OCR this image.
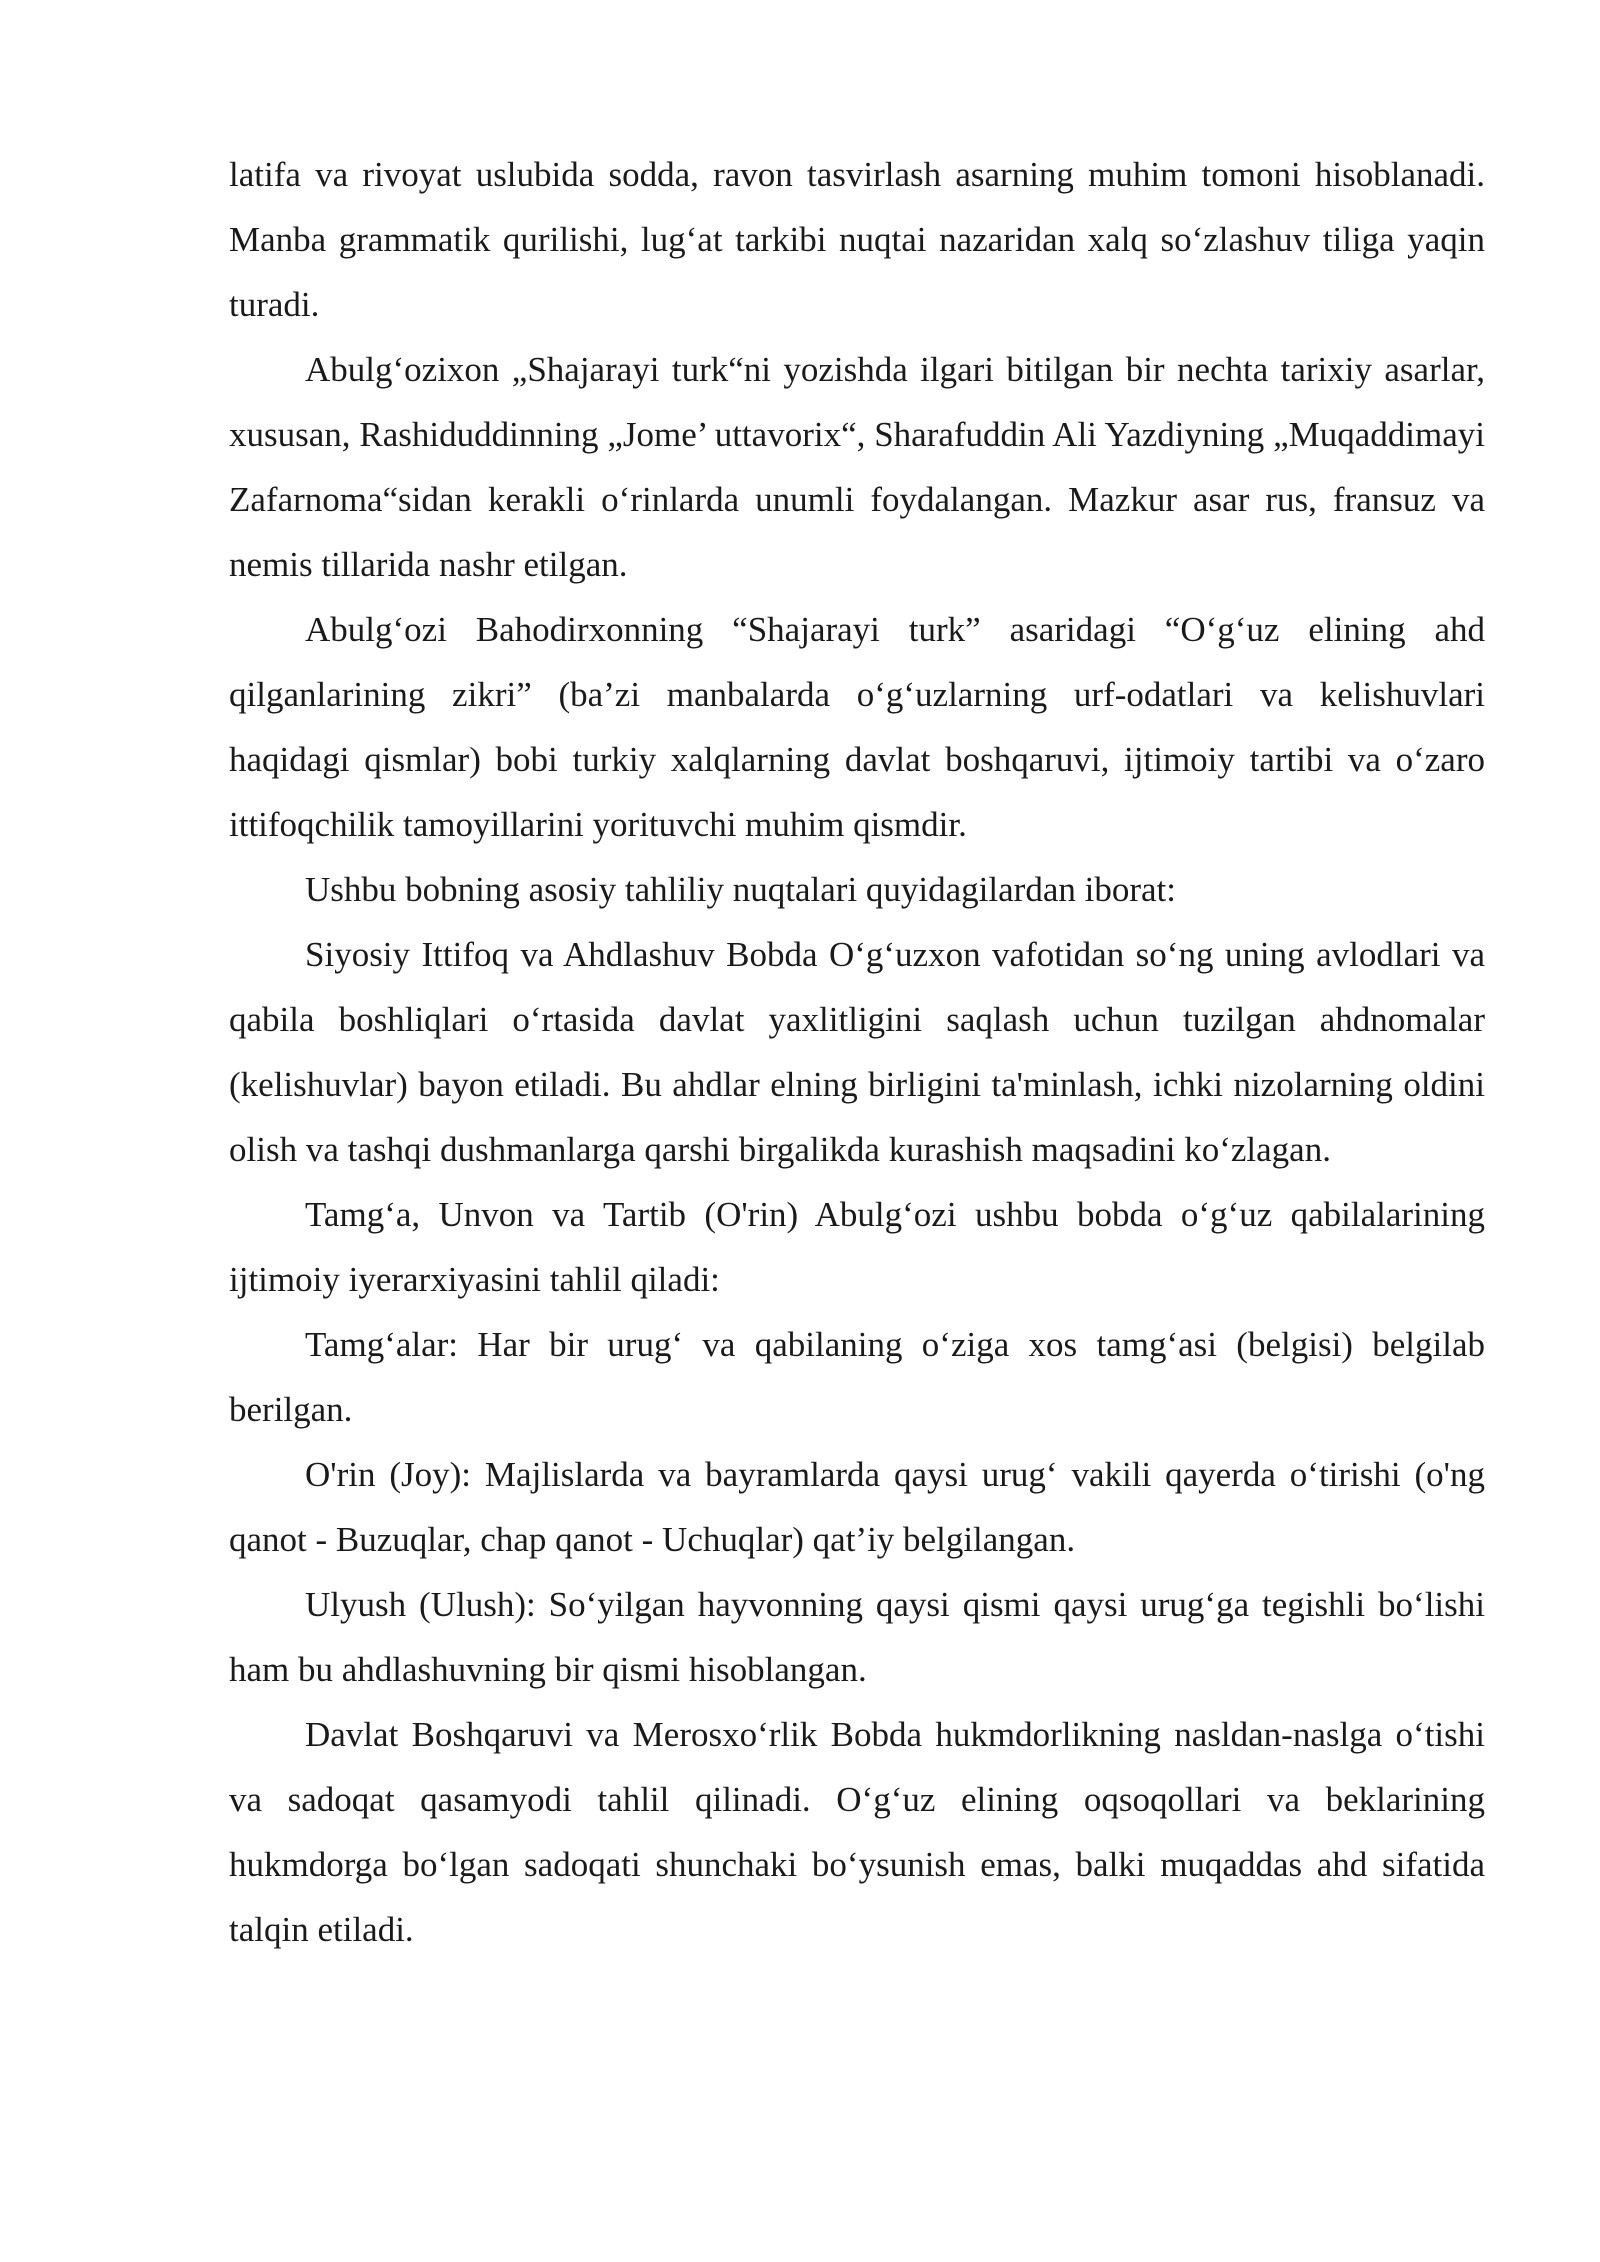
latifa va rivoyat uslubida sodda, ravon tasvirlash asarning muhim tomoni hisoblanadi. Manba grammatik qurilishi, lug‘at tarkibi nuqtai nazaridan xalq so‘zlashuv tiliga yaqin turadi.

Abulg‘ozixon „Shajarayi turk“ni yozishda ilgari bitilgan bir nechta tarixiy asarlar, xususan, Rashiduddinning „Jome’ uttavorix“, Sharafuddin Ali Yazdiyning „Muqaddimayi Zafarnoma“sidan kerakli o‘rinlarda unumli foydalangan. Mazkur asar rus, fransuz va nemis tillarida nashr etilgan.

Abulg‘ozi Bahodirxonning “Shajarayi turk” asaridagi “O‘g‘uz elining ahd qilganlarining zikri” (ba’zi manbalarda o‘g‘uzlarning urf-odatlari va kelishuvlari haqidagi qismlar) bobi turkiy xalqlarning davlat boshqaruvi, ijtimoiy tartibi va o‘zaro ittifoqchilik tamoyillarini yorituvchi muhim qismdir.

Ushbu bobning asosiy tahliliy nuqtalari quyidagilardan iborat:

Siyosiy Ittifoq va Ahdlashuv Bobda O‘g‘uzxon vafotidan so‘ng uning avlodlari va qabila boshliqlari o‘rtasida davlat yaxlitligini saqlash uchun tuzilgan ahdnomalar (kelishuvlar) bayon etiladi. Bu ahdlar elning birligini ta'minlash, ichki nizolarning oldini olish va tashqi dushmanlarga qarshi birgalikda kurashish maqsadini ko‘zlagan.

Tamg‘a, Unvon va Tartib (O'rin) Abulg‘ozi ushbu bobda o‘g‘uz qabilalarining ijtimoiy iyerarxiyasini tahlil qiladi:

Tamg‘alar: Har bir urug‘ va qabilaning o‘ziga xos tamg‘asi (belgisi) belgilab berilgan.

O'rin (Joy): Majlislarda va bayramlarda qaysi urug‘ vakili qayerda o‘tirishi (o'ng qanot - Buzuqlar, chap qanot - Uchuqlar) qat’iy belgilangan.

Ulyush (Ulush): So‘yilgan hayvonning qaysi qismi qaysi urug‘ga tegishli bo‘lishi ham bu ahdlashuvning bir qismi hisoblangan.

Davlat Boshqaruvi va Merosxo‘rlik Bobda hukmdorlikning nasldan-naslga o‘tishi va sadoqat qasamyodi tahlil qilinadi. O‘g‘uz elining oqsoqollari va beklarining hukmdorga bo‘lgan sadoqati shunchaki bo‘ysunish emas, balki muqaddas ahd sifatida talqin etiladi.
